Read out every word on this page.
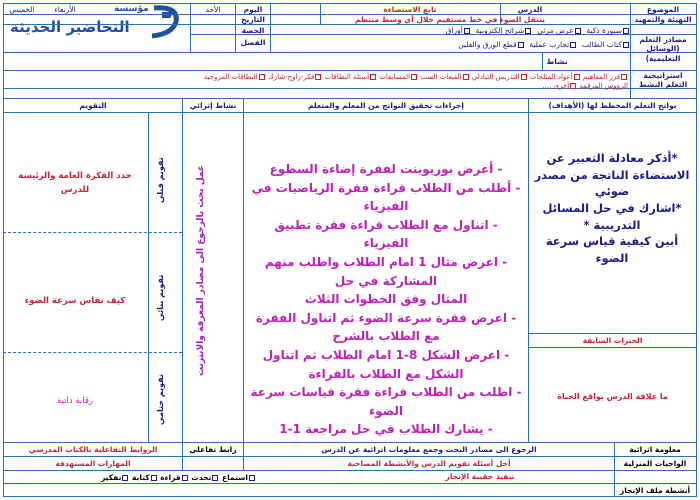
مؤسسة
التحاضير الحديثة
الموضوع
التهيئة والتمهيد
الدرس
تابع الاستضاءة
ينتقل الضوء في خط مستقيم خلال أي وسط منتظم
اليوم
التاريخ
الحصة
الفصل
الأحد
الأربعاء
الخميس
مصادر التعلم (الوسائل التعليمية)
سبورة ذكية  عرض مرئي  شرائح إلكترونية  أوراق
كتاب الطالب  تجارب عملية  قطع الورق والفلين
نشاط
استراتيجية التعلم النشط
فرز المفاهيم أعواد المثلجات التدريس التبادلي القبعات الست المسابقات أسئلة البطاقات فكر-زاوج-شارك البطاقات المروحية
الرؤوس المرقمة أخرى ....
نواتج التعلم المخطط لها (الأهداف)
إجراءات تحقيق النواتج من المعلم والمتعلم
نشاط إثرائي
التقويم
*أذكر معادلة التعبير عن الاستضاءة الناتجة من مصدر ضوئي
*اشارك في حل المسائل التدريبية *
أبين كيفية قياس سرعة الضوء
الخبرات السابقة
ما علاقة الدرس بواقع الحياة
- أعرض بوربوينت لفقرة إضاءة السطوع
- أطلب من الطلاب قراءة فقرة الرياضيات في الفيزياء
- اتناول مع الطلاب قراءة فقرة تطبيق الفيزياء
- اعرض مثال 1 امام الطلاب واطلب منهم المشاركة في حل
المثال وفق الخطوات الثلاث
- اعرض فقرة سرعة الضوء ثم اتناول الفقرة مع الطلاب بالشرح
- اعرض الشكل 8-1 امام الطلاب ثم اتناول الشكل مع الطلاب بالقراءة
- اطلب من الطلاب قراءة فقرة قياسات سرعة الضوء
- يشارك الطلاب في حل مراجعة 1-1
عمل بحث بالرجوع الى مصادر المعرفة والانترنت
تقويم قبلي
حدد الفكرة العامة والرئيسة للدرس
تقويم بنائي
كيف نقاس سرعة الضوء
تقويم ختامي
رقابة ذاتية
معلومة اثرائية
الرجوع الى مصادر البحث وجمع معلومات اثرائية عن الدرس
رابط تفاعلي
الروابط التفاعلية بالكتاب المدرسي
الواجبات المنزلية
أحل أسئلة تقويم الدرس والأنشطة المصاحبة
المهارات المستهدفة
أنشطة ملف الإنجاز
تنفيذ حقيبة الإنجاز
استماع تحدث قراءة كتابة تفكير
